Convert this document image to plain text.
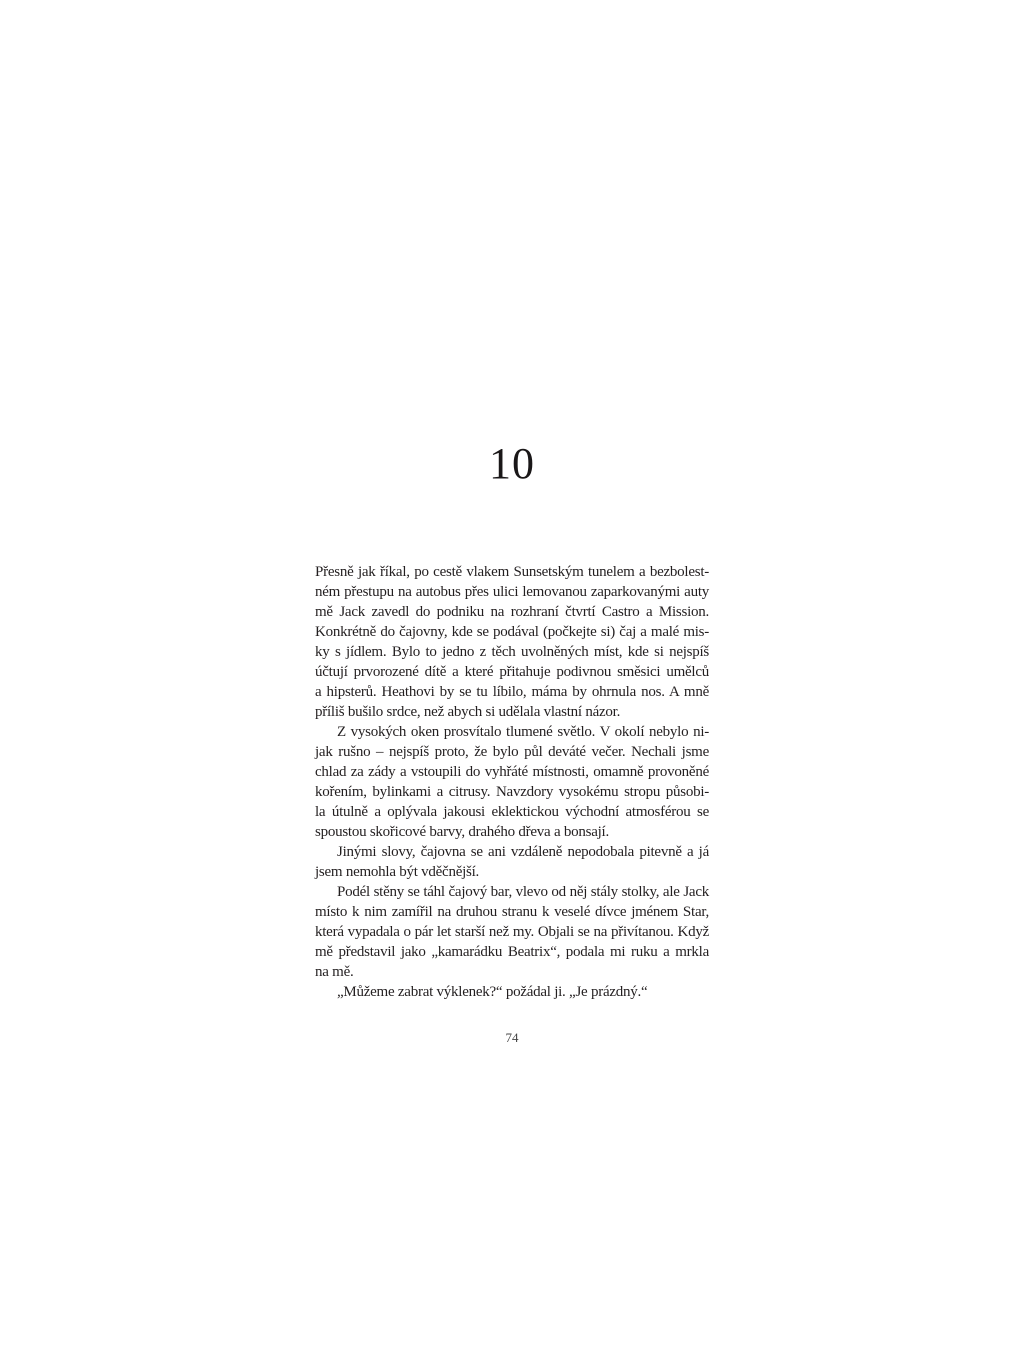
10
Přesně jak říkal, po cestě vlakem Sunsetským tunelem a bezbolest-
ném přestupu na autobus přes ulici lemovanou zaparkovanými auty
mě Jack zavedl do podniku na rozhraní čtvrtí Castro a Mission.
Konkrétně do čajovny, kde se podával (počkejte si) čaj a malé mis-
ky s jídlem. Bylo to jedno z těch uvolněných míst, kde si nejspíš
účtují prvorozené dítě a které přitahuje podivnou směsici umělců
a hipsterů. Heathovi by se tu líbilo, máma by ohrnula nos. A mně
příliš bušilo srdce, než abych si udělala vlastní názor.
Z vysokých oken prosvítalo tlumené světlo. V okolí nebylo ni-
jak rušno – nejspíš proto, že bylo půl deváté večer. Nechali jsme
chlad za zády a vstoupili do vyhřáté místnosti, omamně provoněné
kořením, bylinkami a citrusy. Navzdory vysokému stropu působi-
la útulně a oplývala jakousi eklektickou východní atmosférou se
spoustou skořicové barvy, drahého dřeva a bonsají.
Jinými slovy, čajovna se ani vzdáleně nepodobala pitevně a já
jsem nemohla být vděčnější.
Podél stěny se táhl čajový bar, vlevo od něj stály stolky, ale Jack
místo k nim zamířil na druhou stranu k veselé dívce jménem Star,
která vypadala o pár let starší než my. Objali se na přivítanou. Když
mě představil jako „kamarádku Beatrix“, podala mi ruku a mrkla
na mě.
„Můžeme zabrat výklenek?“ požádal ji. „Je prázdný.“
74
